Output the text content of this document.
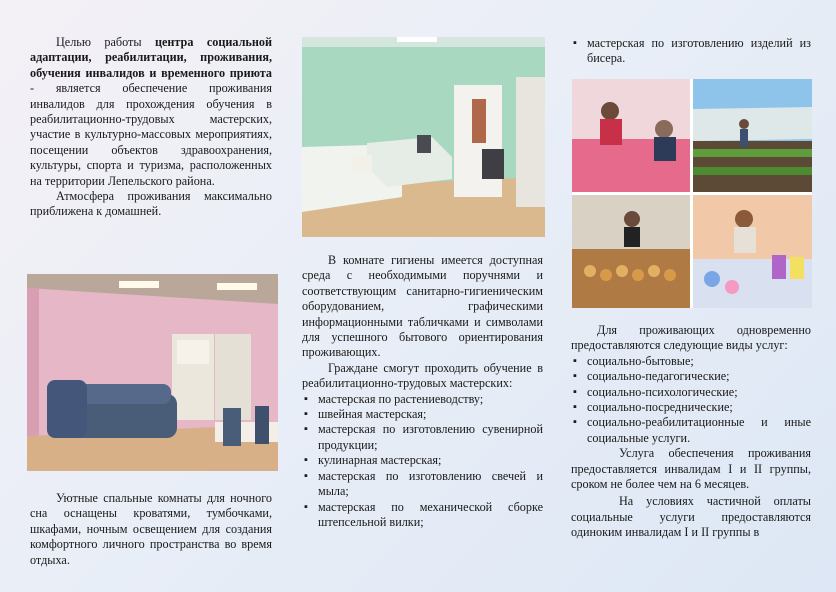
Целью работы центра социальной адаптации, реабилитации, проживания, обучения инвалидов и временного приюта - является обеспечение проживания инвалидов для прохождения обучения в реабилитационно-трудовых мастерских, участие в культурно-массовых мероприятиях, посещении объектов здравоохранения, культуры, спорта и туризма, расположенных на территории Лепельского района.

Атмосфера проживания максимально приближена к домашней.

Уютные спальные комнаты для ночного сна оснащены кроватями, тумбочками, шкафами, ночным освещением для создания комфортного личного пространства во время отдыха.

В комнате гигиены имеется доступная среда с необходимыми поручнями и соответствующим санитарно-гигиеническим оборудованием, графическими информационными табличками и символами для успешного бытового ориентирования проживающих.

Граждане смогут проходить обучение в реабилитационно-трудовых мастерских:

▪ мастерская по растениеводству;
▪ швейная мастерская;
▪ мастерская по изготовлению сувенирной продукции;
▪ кулинарная мастерская;
▪ мастерская по изготовлению свечей и мыла;
▪ мастерская по механической сборке штепсельной вилки;
▪ мастерская по изготовлению изделий из бисера.

Для проживающих одновременно предоставляются следующие виды услуг:

▪ социально-бытовые;
▪ социально-педагогические;
▪ социально-психологические;
▪ социально-посреднические;
▪ социально-реабилитационные и иные социальные услуги.

Услуга обеспечения проживания предоставляется инвалидам I и II группы, сроком не более чем на 6 месяцев.

На условиях частичной оплаты социальные услуги предоставляются одиноким инвалидам I и II группы в
